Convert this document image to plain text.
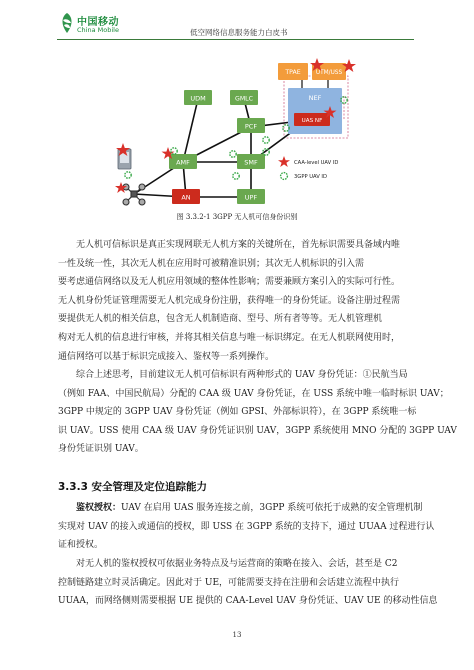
中国移动
China Mobile	低空网络信息服务能力白皮书
UDM	GMLC
PCF
AMF	SMF
AN	UPF
TPAE	UTM/USS
NEF
UAS NF
CAA-level UAV ID
3GPP UAV ID
图 3.3.2-1 3GPP 无人机可信身份识别
无人机可信标识是真正实现网联无人机方案的关键所在，首先标识需要具备域内唯
一性及统一性，其次无人机在应用时可被精准识别；其次无人机标识的引入需
要考虑通信网络以及无人机应用领域的整体性影响；需要兼顾方案引入的实际可行性。
无人机身份凭证管理需要无人机完成身份注册，获得唯一的身份凭证。设备注册过程需
要提供无人机的相关信息，包含无人机制造商、型号、所有者等等。无人机管理机
构对无人机的信息进行审核，并将其相关信息与唯一标识绑定。在无人机联网使用时，
通信网络可以基于标识完成接入、鉴权等一系列操作。
综合上述思考，目前建议无人机可信标识有两种形式的 UAV 身份凭证：①民航当局
（例如 FAA、中国民航局）分配的 CAA 级 UAV 身份凭证，在 USS 系统中唯一临时标识 UAV；
3GPP 中规定的 3GPP UAV 身份凭证（例如 GPSI、外部标识符），在 3GPP 系统唯一标
识 UAV。USS 使用 CAA 级 UAV 身份凭证识别 UAV，3GPP 系统使用 MNO 分配的 3GPP UAV
身份凭证识别 UAV。
3.3.3 安全管理及定位追踪能力
鉴权授权：UAV 在启用 UAS 服务连接之前，3GPP 系统可依托于成熟的安全管理机制
实现对 UAV 的接入或通信的授权，即 USS 在 3GPP 系统的支持下，通过 UUAA 过程进行认
证和授权。
对无人机的鉴权授权可依据业务特点及与运营商的策略在接入、会话，甚至是 C2
控制链路建立时灵活确定。因此对于 UE，可能需要支持在注册和会话建立流程中执行
UUAA，而网络侧则需要根据 UE 提供的 CAA-Level UAV 身份凭证、UAV UE 的移动性信息
13
